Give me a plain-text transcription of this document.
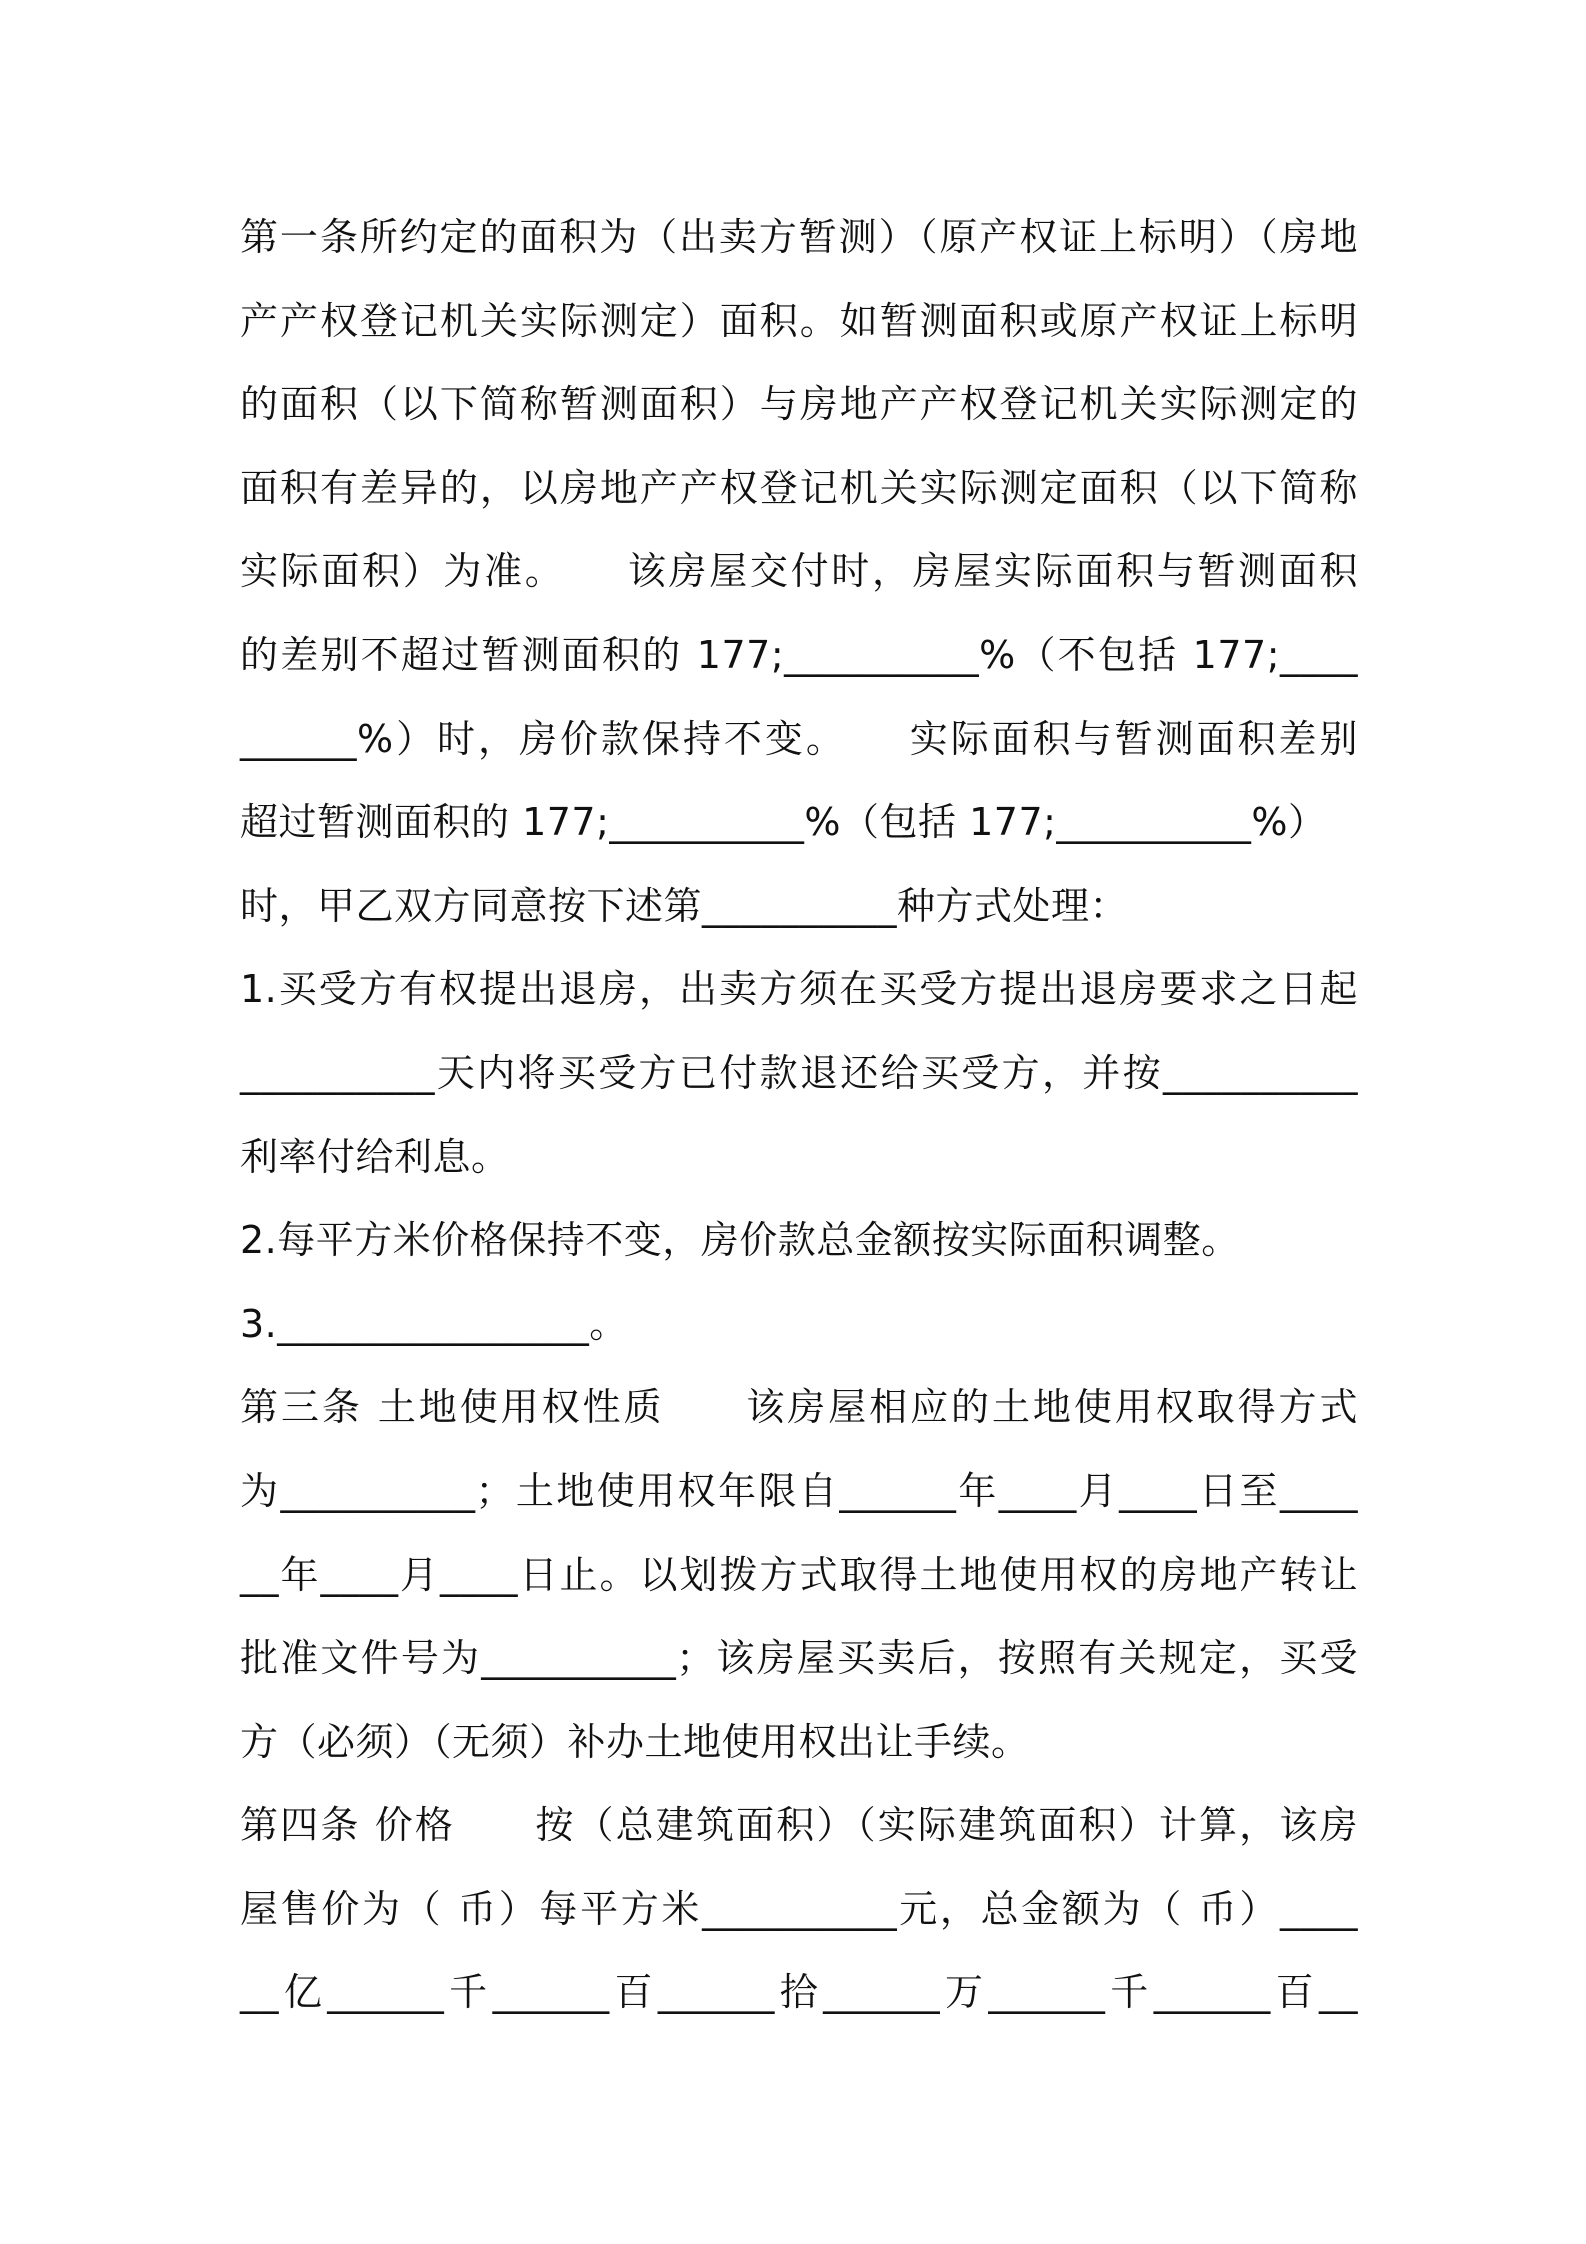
第一条所约定的面积为（出卖方暂测）（原产权证上标明）（房地
产产权登记机关实际测定）面积。如暂测面积或原产权证上标明
的面积（以下简称暂测面积）与房地产产权登记机关实际测定的
面积有差异的，以房地产产权登记机关实际测定面积（以下简称
实际面积）为准。　　该房屋交付时，房屋实际面积与暂测面积
的差别不超过暂测面积的 177;__________%（不包括 177;____
______%）时，房价款保持不变。　　实际面积与暂测面积差别
超过暂测面积的 177;__________%（包括 177;__________%）
时，甲乙双方同意按下述第__________种方式处理：
1.买受方有权提出退房，出卖方须在买受方提出退房要求之日起
__________天内将买受方已付款退还给买受方，并按__________
利率付给利息。
2.每平方米价格保持不变，房价款总金额按实际面积调整。
3.________________。
第三条 土地使用权性质　　该房屋相应的土地使用权取得方式
为__________；土地使用权年限自______年____月____日至____
__年____月____日止。以划拨方式取得土地使用权的房地产转让
批准文件号为__________；该房屋买卖后，按照有关规定，买受
方（必须）（无须）补办土地使用权出让手续。
第四条 价格　　按（总建筑面积）（实际建筑面积）计算，该房
屋售价为（ 币）每平方米__________元，总金额为（ 币）____
__亿______千______百______拾______万______千______百__
